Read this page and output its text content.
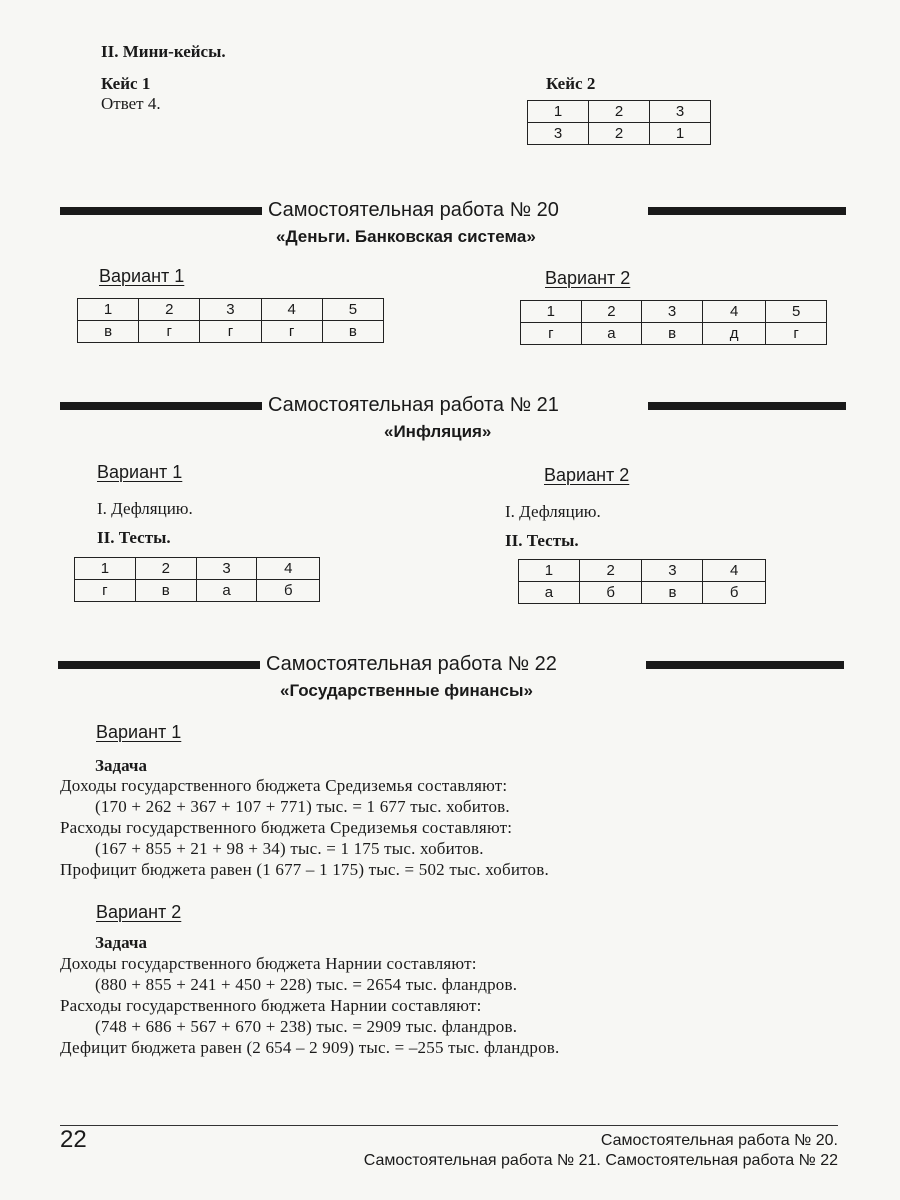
II. Мини-кейсы.
Кейс 1
Ответ 4.
Кейс 2
1	2	3
3	2	1
Самостоятельная работа № 20
«Деньги. Банковская система»
Вариант 1
1	2	3	4	5
в	г	г	г	в
Вариант 2
1	2	3	4	5
г	а	в	д	г
Самостоятельная работа № 21
«Инфляция»
Вариант 1
I. Дефляцию.
II. Тесты.
1	2	3	4
г	в	а	б
Вариант 2
I. Дефляцию.
II. Тесты.
1	2	3	4
а	б	в	б
Самостоятельная работа № 22
«Государственные финансы»
Вариант 1
Задача
Доходы государственного бюджета Средиземья составляют:
(170 + 262 + 367 + 107 + 771) тыс. = 1 677 тыс. хобитов.
Расходы государственного бюджета Средиземья составляют:
(167 + 855 + 21 + 98 + 34) тыс. = 1 175 тыс. хобитов.
Профицит бюджета равен (1 677 – 1 175) тыс. = 502 тыс. хобитов.
Вариант 2
Задача
Доходы государственного бюджета Нарнии составляют:
(880 + 855 + 241 + 450 + 228) тыс. = 2654 тыс. фландров.
Расходы государственного бюджета Нарнии составляют:
(748 + 686 + 567 + 670 + 238) тыс. = 2909 тыс. фландров.
Дефицит бюджета равен (2 654 – 2 909) тыс. = –255 тыс. фландров.
22	Самостоятельная работа № 20.
Самостоятельная работа № 21. Самостоятельная работа № 22
